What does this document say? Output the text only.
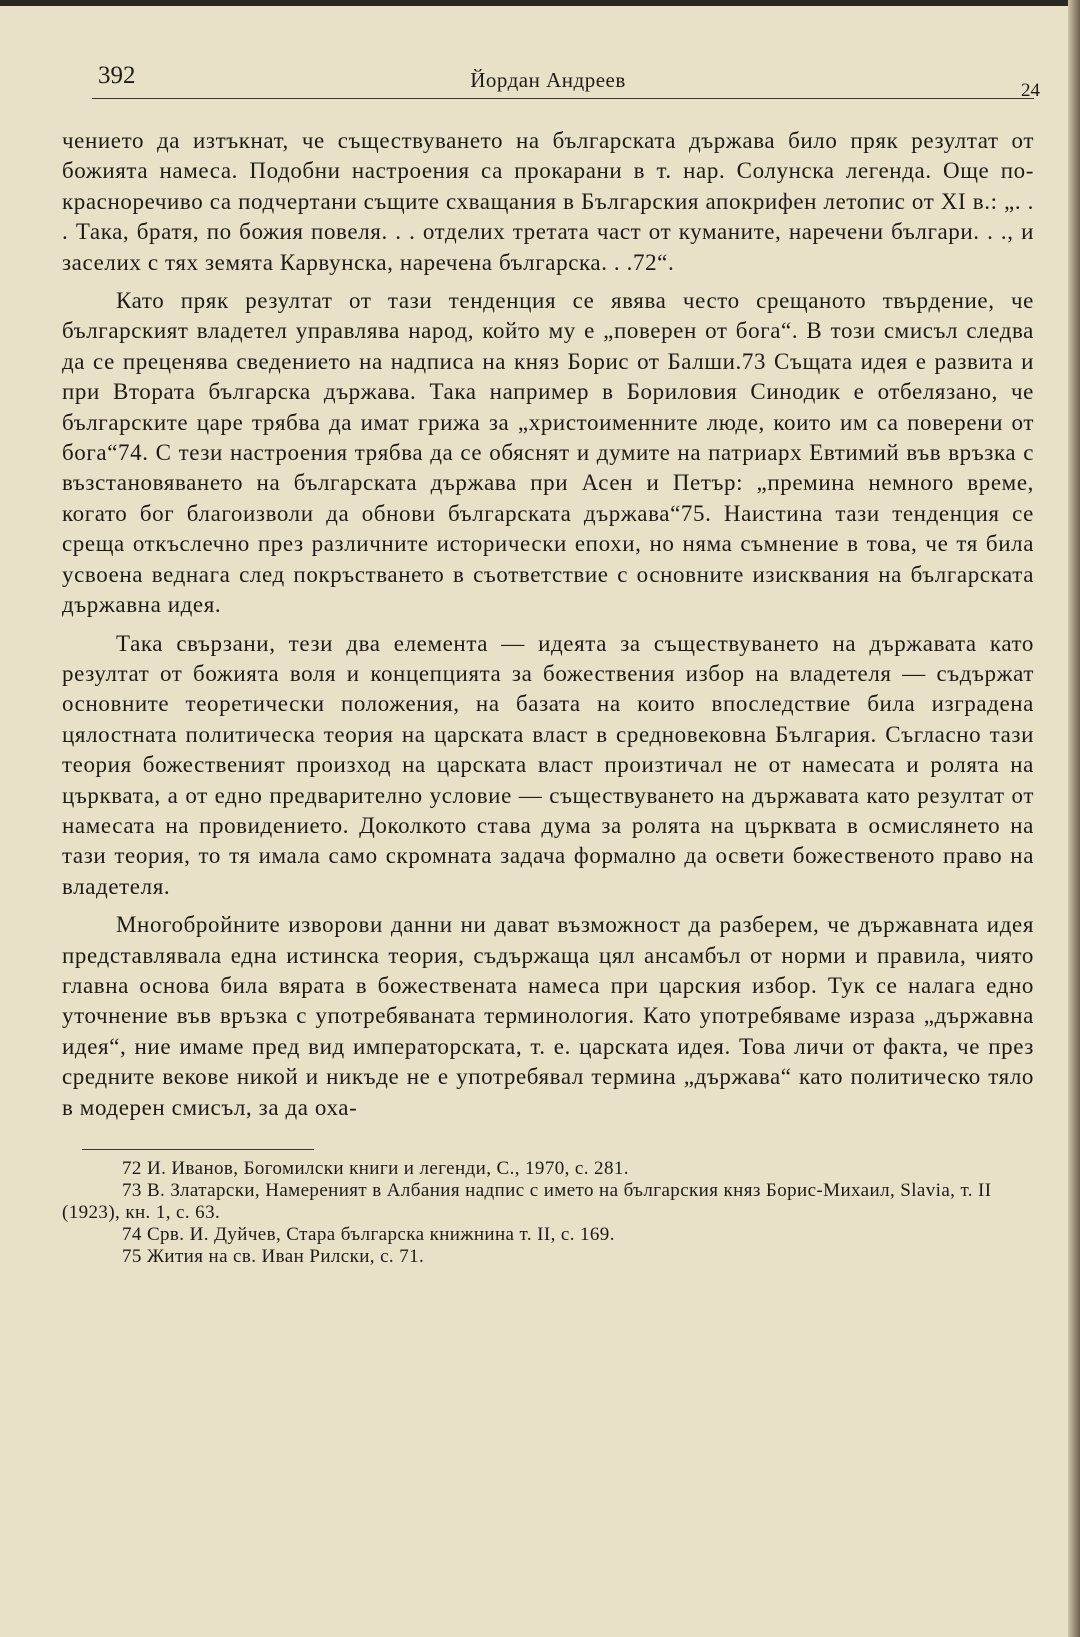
392	Йордан Андреев	24

чението да изтъкнат, че съществуването на българската държава било пряк резултат от божията намеса. Подобни настроения са прокарани в т. нар. Солунска легенда. Още по-красноречиво са подчертани същите схващания в Българския апокрифен летопис от XI в.: „. . . Така, братя, по божия повеля. . . отделих третата част от куманите, наречени българи. . ., и заселих с тях земята Карвунска, наречена българска. . .72“.

Като пряк резултат от тази тенденция се явява често срещаното твърдение, че българският владетел управлява народ, който му е „поверен от бога“. В този смисъл следва да се преценява сведението на надписа на княз Борис от Балши.73 Същата идея е развита и при Втората българска държава. Така например в Бориловия Синодик е отбелязано, че българските царе трябва да имат грижа за „христоименните люде, които им са поверени от бога“74. С тези настроения трябва да се обяснят и думите на патриарх Евтимий във връзка с възстановяването на българската държава при Асен и Петър: „премина немного време, когато бог благоизволи да обнови българската държава“75. Наистина тази тенденция се среща откъслечно през различните исторически епохи, но няма съмнение в това, че тя била усвоена веднага след покръстването в съответствие с основните изисквания на българската държавна идея.

Така свързани, тези два елемента — идеята за съществуването на държавата като резултат от божията воля и концепцията за божествения избор на владетеля — съдържат основните теоретически положения, на базата на които впоследствие била изградена цялостната политическа теория на царската власт в средновековна България. Съгласно тази теория божественият произход на царската власт произтичал не от намесата и ролята на църквата, а от едно предварително условие — съществуването на държавата като резултат от намесата на провидението. Доколкото става дума за ролята на църквата в осмислянето на тази теория, то тя имала само скромната задача формално да освети божественото право на владетеля.

Многобройните изворови данни ни дават възможност да разберем, че държавната идея представлявала една истинска теория, съдържаща цял ансамбъл от норми и правила, чиято главна основа била вярата в божествената намеса при царския избор. Тук се налага едно уточнение във връзка с употребяваната терминология. Като употребяваме израза „държавна идея“, ние имаме пред вид императорската, т. е. царската идея. Това личи от факта, че през средните векове никой и никъде не е употребявал термина „държава“ като политическо тяло в модерен смисъл, за да оха-

72 И. Иванов, Богомилски книги и легенди, С., 1970, с. 281.

73 В. Златарски, Намереният в Албания надпис с името на българския княз Борис-Михаил, Slavia, т. II (1923), кн. 1, с. 63.

74 Срв. И. Дуйчев, Стара българска книжнина т. II, с. 169.

75 Жития на св. Иван Рилски, с. 71.
